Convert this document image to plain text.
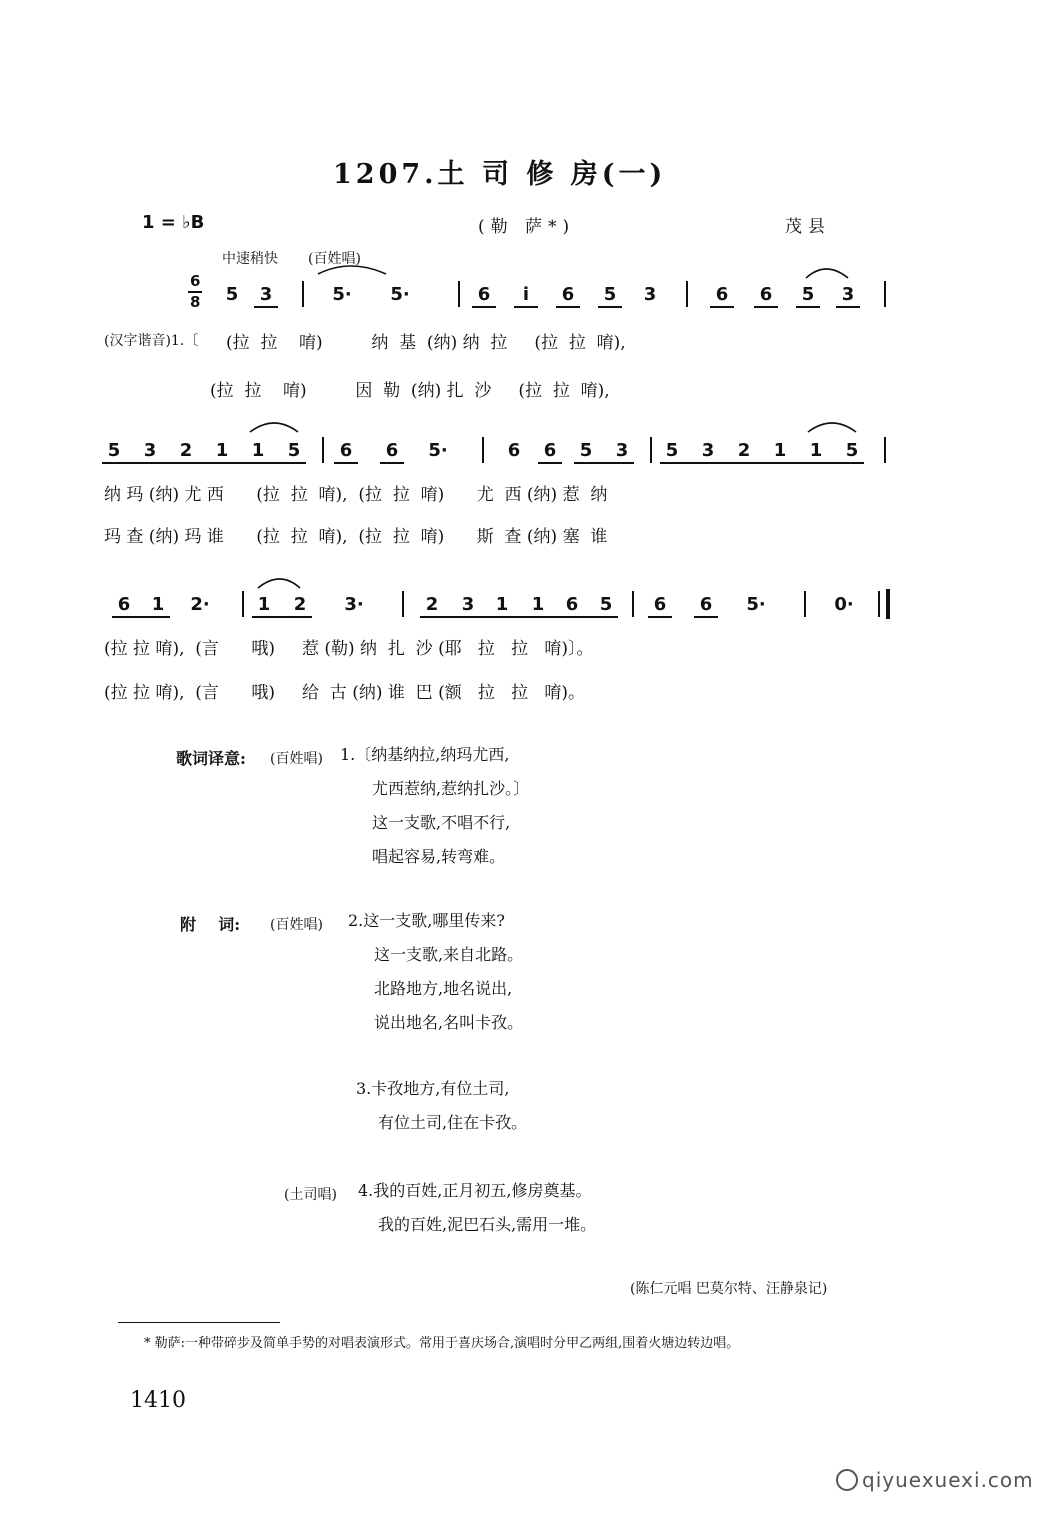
1207.土 司 修 房(一)
1 = ♭B	(勒 萨*)	茂县
中速稍快 (百姓唱)
6
8	5	3	5·	5·	6	i	6	5	3	6	6	5	3
(汉字谐音)1.〔 (拉  拉    唷)         纳  基  (纳) 纳  拉     (拉  拉  唷),
(拉  拉    唷)         因  勒  (纳) 扎  沙     (拉  拉  唷),
5	3	2	1	1	5	6	6	5·	6	6	5	3	5	3	2	1	1	5
纳 玛 (纳) 尤 西      (拉  拉  唷),  (拉  拉  唷)      尤  西 (纳) 惹  纳
玛 查 (纳) 玛 谁      (拉  拉  唷),  (拉  拉  唷)      斯  查 (纳) 塞  谁
6	1	2·	1	2	3·	2	3	1	1	6	5	6	6	5·	0·
(拉 拉 唷),  (言      哦)     惹 (勒) 纳  扎  沙 (耶   拉   拉   唷)〕。
(拉 拉 唷),  (言      哦)     给  古 (纳) 谁  巴 (额   拉   拉   唷)。
歌词译意: (百姓唱) 1.〔纳基纳拉,纳玛尤西,
尤西惹纳,惹纳扎沙。〕
这一支歌,不唱不行,
唱起容易,转弯难。
附    词: (百姓唱) 2.这一支歌,哪里传来?
这一支歌,来自北路。
北路地方,地名说出,
说出地名,名叫卡孜。
3.卡孜地方,有位土司,
有位土司,住在卡孜。
(土司唱) 4.我的百姓,正月初五,修房奠基。
我的百姓,泥巴石头,需用一堆。
(陈仁元唱 巴莫尔特、汪静泉记)
* 勒萨:一种带碎步及简单手势的对唱表演形式。常用于喜庆场合,演唱时分甲乙两组,围着火塘边转边唱。
1410
qiyuexuexi.com
